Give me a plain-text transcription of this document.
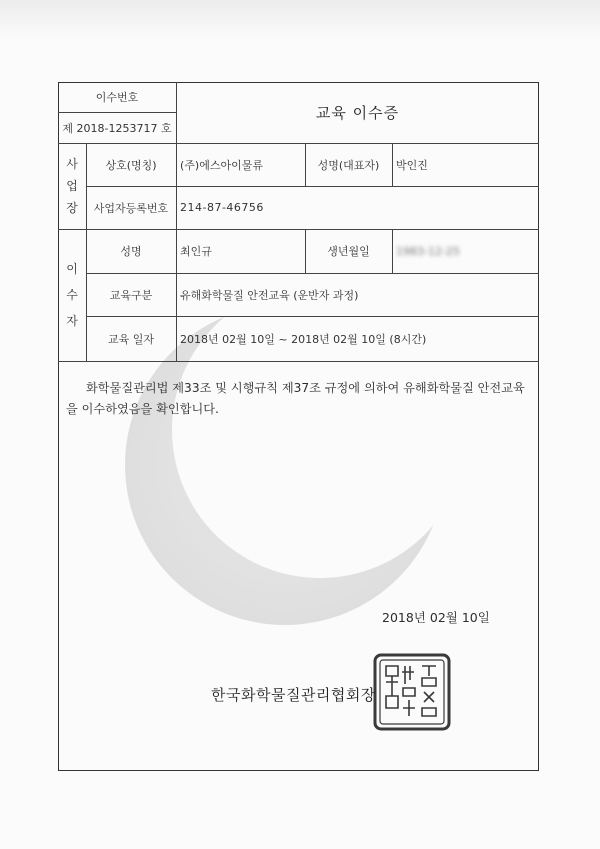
이수번호
제 2018-1253717 호
교육 이수증
사
업
장
상호(명칭)	(주)에스아이물류	성명(대표자)	박인진
사업자등록번호	214-87-46756
이
수
자
성명	최인규	생년월일	1983-12-25
교육구분	유해화학물질 안전교육 (운반자 과정)
교육 일자	2018년 02월 10일 ~ 2018년 02월 10일 (8시간)
화학물질관리법 제33조 및 시행규칙 제37조 규정에 의하여 유해화학물질 안전교육을 이수하였음을 확인합니다.
2018년 02월 10일
한국화학물질관리협회장
